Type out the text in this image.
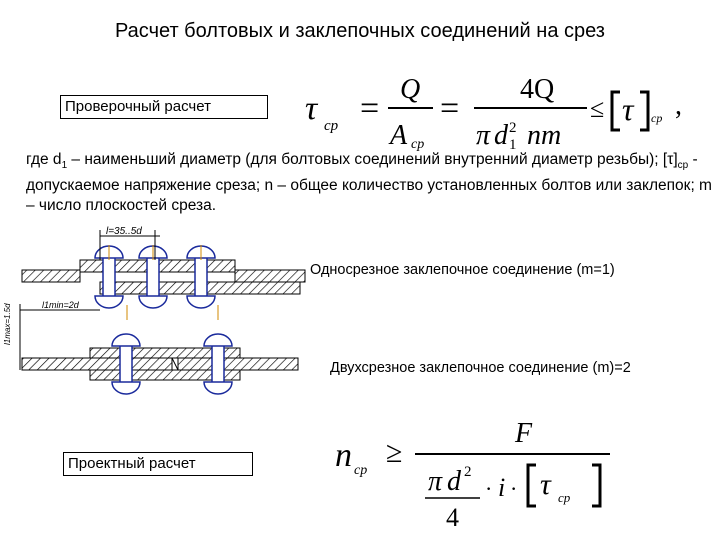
Расчет болтовых и заклепочных соединений на срез
Проверочный расчет	τ ср =
Q
A ср
=
4Q
π d 2
1 nm
≤ τ ср ,
где $d_1$ – наименьший диаметр (для болтовых соединений внутренний диаметр резьбы); $[\tau]_{ср}$ - допускаемое напряжение среза; n – общее количество установленных болтов или заклепок; m – число плоскостей среза.
l=35..5d
l1min=2d
l1max=1.5d
Односрезное заклепочное соединение (m=1)
Двухсрезное заклепочное соединение (m)=2
Проектный расчет	n ср
≥
F
π d 2
4
· i · τ ср
